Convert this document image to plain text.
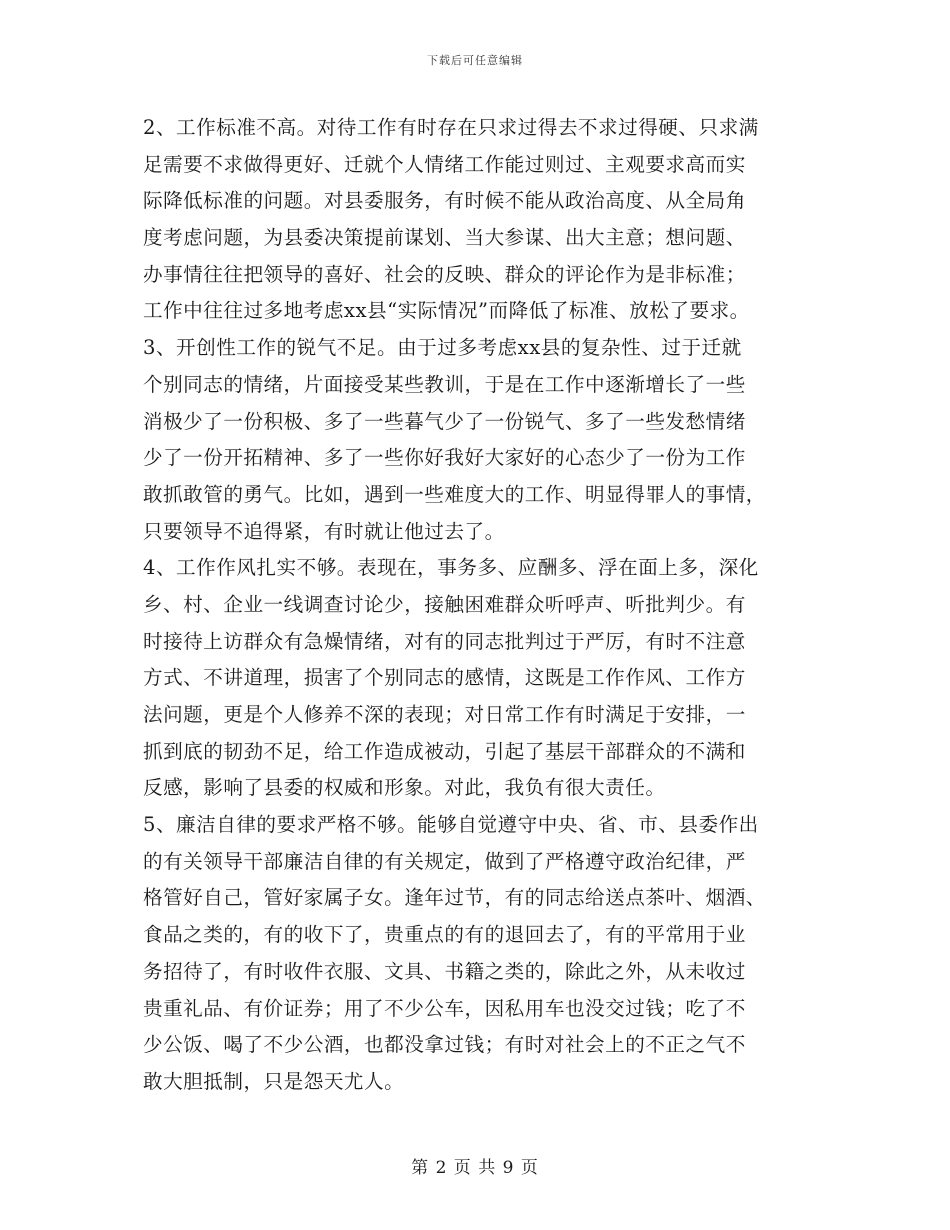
下载后可任意编辑
2、工作标准不高。对待工作有时存在只求过得去不求过得硬、只求满
足需要不求做得更好、迁就个人情绪工作能过则过、主观要求高而实
际降低标准的问题。对县委服务，有时候不能从政治高度、从全局角
度考虑问题，为县委决策提前谋划、当大参谋、出大主意；想问题、
办事情往往把领导的喜好、社会的反映、群众的评论作为是非标准；
工作中往往过多地考虑xx县“实际情况”而降低了标准、放松了要求。
3、开创性工作的锐气不足。由于过多考虑xx县的复杂性、过于迁就
个别同志的情绪，片面接受某些教训，于是在工作中逐渐增长了一些
消极少了一份积极、多了一些暮气少了一份锐气、多了一些发愁情绪
少了一份开拓精神、多了一些你好我好大家好的心态少了一份为工作
敢抓敢管的勇气。比如，遇到一些难度大的工作、明显得罪人的事情，
只要领导不追得紧，有时就让他过去了。
4、工作作风扎实不够。表现在，事务多、应酬多、浮在面上多，深化
乡、村、企业一线调查讨论少，接触困难群众听呼声、听批判少。有
时接待上访群众有急燥情绪，对有的同志批判过于严厉，有时不注意
方式、不讲道理，损害了个别同志的感情，这既是工作作风、工作方
法问题，更是个人修养不深的表现；对日常工作有时满足于安排，一
抓到底的韧劲不足，给工作造成被动，引起了基层干部群众的不满和
反感，影响了县委的权威和形象。对此，我负有很大责任。
5、廉洁自律的要求严格不够。能够自觉遵守中央、省、市、县委作出
的有关领导干部廉洁自律的有关规定，做到了严格遵守政治纪律，严
格管好自己，管好家属子女。逢年过节，有的同志给送点茶叶、烟酒、
食品之类的，有的收下了，贵重点的有的退回去了，有的平常用于业
务招待了，有时收件衣服、文具、书籍之类的，除此之外，从未收过
贵重礼品、有价证券；用了不少公车，因私用车也没交过钱；吃了不
少公饭、喝了不少公酒，也都没拿过钱；有时对社会上的不正之气不
敢大胆抵制，只是怨天尤人。
第 2 页 共 9 页
